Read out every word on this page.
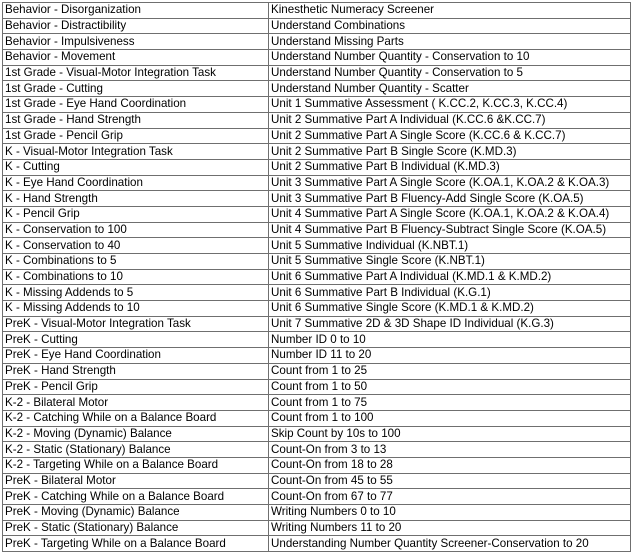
Behavior - Disorganization	Kinesthetic Numeracy Screener
Behavior - Distractibility	Understand Combinations
Behavior - Impulsiveness	Understand Missing Parts
Behavior - Movement	Understand Number Quantity - Conservation to 10
1st Grade - Visual-Motor Integration Task	Understand Number Quantity - Conservation to 5
1st Grade - Cutting	Understand Number Quantity - Scatter
1st Grade - Eye Hand Coordination	Unit 1 Summative Assessment ( K.CC.2, K.CC.3, K.CC.4)
1st Grade - Hand Strength	Unit 2 Summative Part A Individual (K.CC.6 &K.CC.7)
1st Grade - Pencil Grip	Unit 2 Summative Part A Single Score (K.CC.6 & K.CC.7)
K - Visual-Motor Integration Task	Unit 2 Summative Part B Single Score (K.MD.3)
K - Cutting	Unit 2 Summative Part B Individual (K.MD.3)
K - Eye Hand Coordination	Unit 3 Summative Part A Single Score (K.OA.1, K.OA.2 & K.OA.3)
K - Hand Strength	Unit 3 Summative Part B Fluency-Add Single Score (K.OA.5)
K - Pencil Grip	Unit 4 Summative Part A Single Score (K.OA.1, K.OA.2 & K.OA.4)
K - Conservation to 100	Unit 4 Summative Part B Fluency-Subtract Single Score (K.OA.5)
K - Conservation to 40	Unit 5 Summative Individual (K.NBT.1)
K - Combinations to 5	Unit 5 Summative Single Score (K.NBT.1)
K - Combinations to 10	Unit 6 Summative Part A Individual (K.MD.1 & K.MD.2)
K - Missing Addends to 5	Unit 6 Summative Part B Individual (K.G.1)
K - Missing Addends to 10	Unit 6 Summative Single Score (K.MD.1 & K.MD.2)
PreK - Visual-Motor Integration Task	Unit 7 Summative 2D & 3D Shape ID Individual (K.G.3)
PreK - Cutting	Number ID 0 to 10
PreK - Eye Hand Coordination	Number ID 11 to 20
PreK - Hand Strength	Count from 1 to 25
PreK - Pencil Grip	Count from 1 to 50
K-2 - Bilateral Motor	Count from 1 to 75
K-2 - Catching While on a Balance Board	Count from 1 to 100
K-2 - Moving (Dynamic) Balance	Skip Count by 10s to 100
K-2 - Static (Stationary) Balance	Count-On from 3 to 13
K-2 - Targeting While on a Balance Board	Count-On from 18 to 28
PreK - Bilateral Motor	Count-On from 45 to 55
PreK - Catching While on a Balance Board	Count-On from 67 to 77
PreK - Moving (Dynamic) Balance	Writing Numbers 0 to 10
PreK - Static (Stationary) Balance	Writing Numbers 11 to 20
PreK - Targeting While on a Balance Board	Understanding Number Quantity Screener-Conservation to 20
